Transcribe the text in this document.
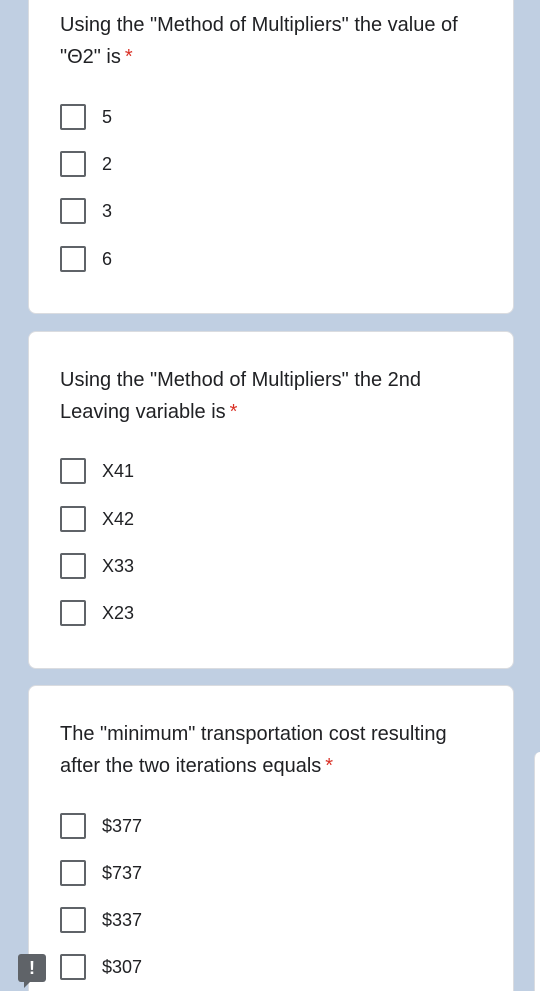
Using the "Method of Multipliers" the value of "Θ2" is *
5
2
3
6
Using the "Method of Multipliers" the 2nd Leaving variable is *
X41
X42
X33
X23
The "minimum" transportation cost resulting after the two iterations equals *
$377
$737
$337
$307
!
